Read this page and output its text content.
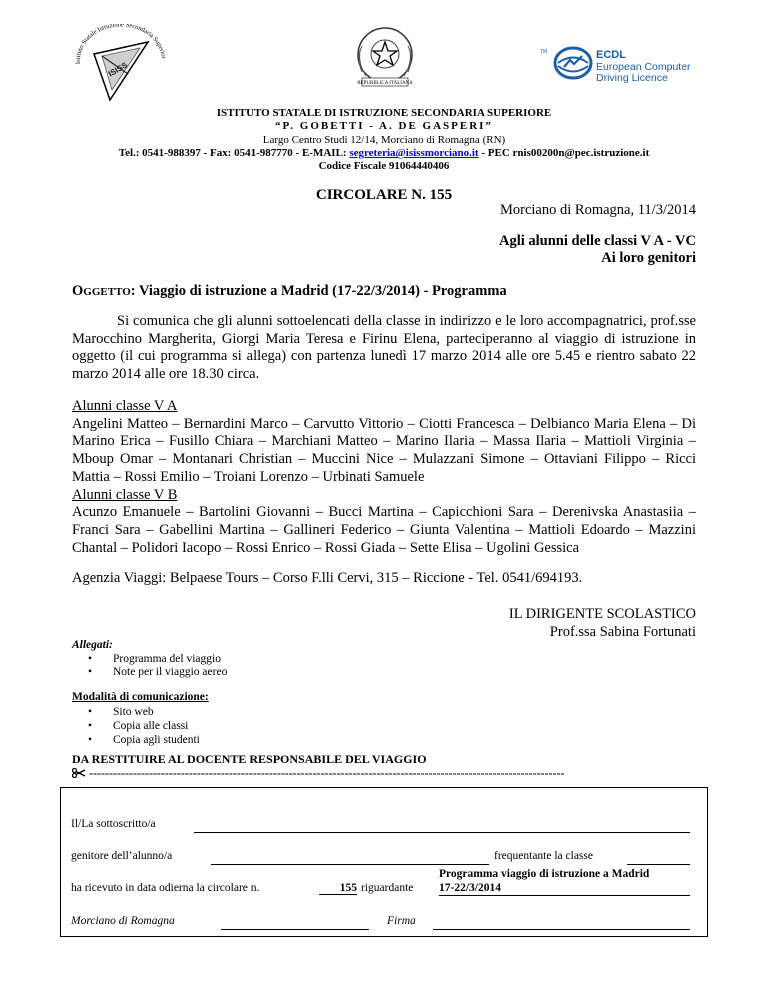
Istituto Statale Istruzione Secondaria Superior
ISISS
REPUBBLICA ITALIANA
TM	ECDL
European Computer
Driving Licence
ISTITUTO STATALE DI ISTRUZIONE SECONDARIA SUPERIORE
“P. GOBETTI - A. DE GASPERI”
Largo Centro Studi 12/14, Morciano di Romagna (RN)
Tel.: 0541-988397 - Fax: 0541-987770 - E-MAIL: segreteria@isissmorciano.it - PEC rnis00200n@pec.istruzione.it
Codice Fiscale 91064440406
CIRCOLARE N. 155
Morciano di Romagna, 11/3/2014
Agli alunni delle classi V A - VC
Ai loro genitori
OGGETTO: Viaggio di istruzione a Madrid (17-22/3/2014) - Programma
Si comunica che gli alunni sottoelencati della classe in indirizzo e le loro accompagnatrici, prof.sse Marocchino Margherita, Giorgi Maria Teresa e Firinu Elena, parteciperanno al viaggio di istruzione in oggetto (il cui programma si allega) con partenza lunedì 17 marzo 2014 alle ore 5.45 e rientro sabato 22 marzo 2014 alle ore 18.30 circa.
Alunni classe V A
Angelini Matteo – Bernardini Marco – Carvutto Vittorio – Ciotti Francesca – Delbianco Maria Elena – Di Marino Erica – Fusillo Chiara – Marchiani Matteo – Marino Ilaria – Massa Ilaria – Mattioli Virginia – Mboup Omar – Montanari Christian – Muccini Nice – Mulazzani Simone – Ottaviani Filippo – Ricci Mattia – Rossi Emilio – Troiani Lorenzo – Urbinati Samuele
Alunni classe V B
Acunzo Emanuele – Bartolini Giovanni – Bucci Martina – Capicchioni Sara – Derenivska Anastasiia – Franci Sara – Gabellini Martina – Gallineri Federico – Giunta Valentina – Mattioli Edoardo – Mazzini Chantal – Polidori Iacopo – Rossi Enrico – Rossi Giada – Sette Elisa – Ugolini Gessica
Agenzia Viaggi: Belpaese Tours – Corso F.lli Cervi, 315 – Riccione - Tel. 0541/694193.
IL DIRIGENTE SCOLASTICO
Prof.ssa Sabina Fortunati
Allegati:
• Programma del viaggio
• Note per il viaggio aereo
Modalità di comunicazione:
• Sito web
• Copia alle classi
• Copia agli studenti
DA RESTITUIRE AL DOCENTE RESPONSABILE DEL VIAGGIO
-----------------------------------------------------------------------------------------------------------------------
Il/La sottoscritto/a
genitore dell’alunno/a	frequentante la classe
ha ricevuto in data odierna la circolare n.	155 riguardante
Programma viaggio di istruzione a Madrid
17-22/3/2014
Morciano di Romagna	Firma
